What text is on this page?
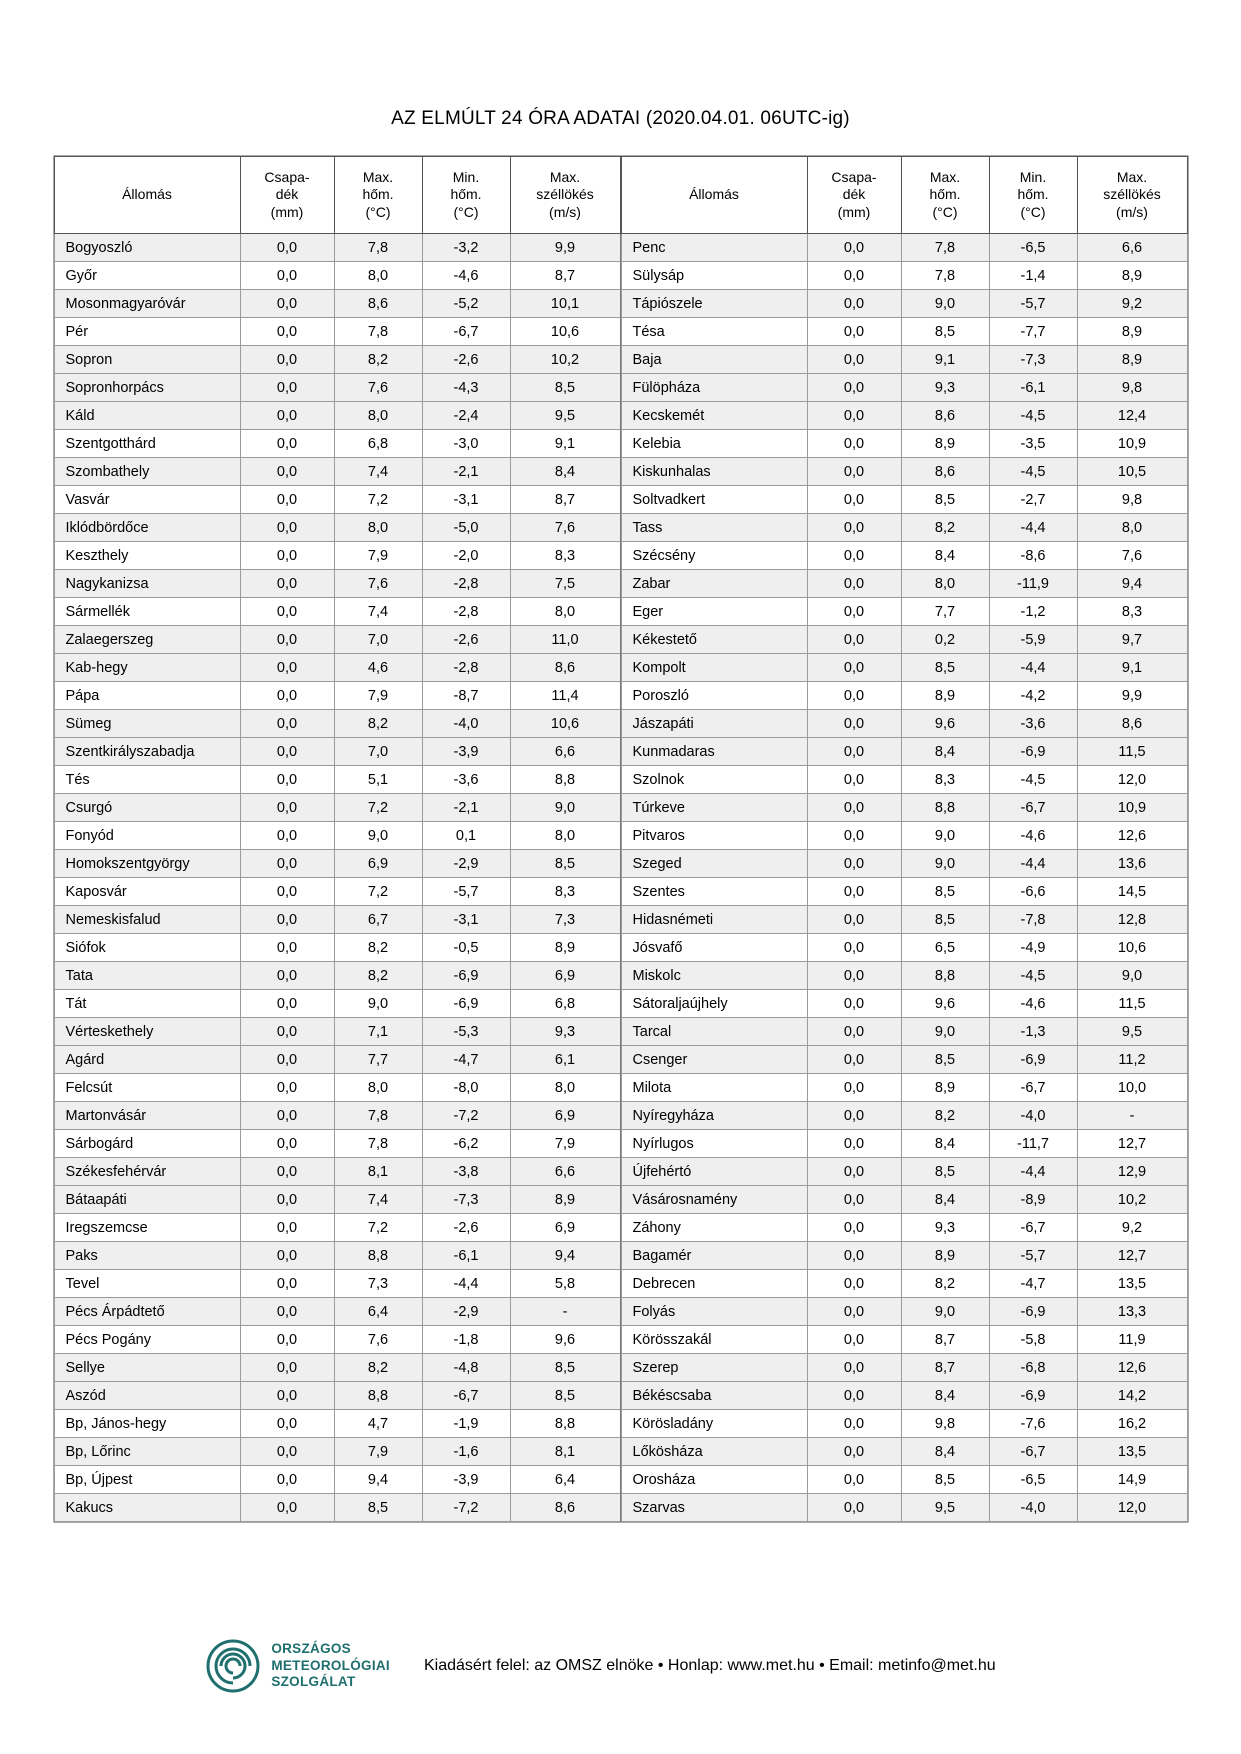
AZ ELMÚLT 24 ÓRA ADATAI (2020.04.01. 06UTC-ig)
Állomás	Csapa-
dék
(mm)	Max.
hőm.
(°C)	Min.
hőm.
(°C)	Max.
széllökés
(m/s)
Bogyoszló	0,0	7,8	-3,2	9,9
Győr	0,0	8,0	-4,6	8,7
Mosonmagyaróvár	0,0	8,6	-5,2	10,1
Pér	0,0	7,8	-6,7	10,6
Sopron	0,0	8,2	-2,6	10,2
Sopronhorpács	0,0	7,6	-4,3	8,5
Káld	0,0	8,0	-2,4	9,5
Szentgotthárd	0,0	6,8	-3,0	9,1
Szombathely	0,0	7,4	-2,1	8,4
Vasvár	0,0	7,2	-3,1	8,7
Iklódbördőce	0,0	8,0	-5,0	7,6
Keszthely	0,0	7,9	-2,0	8,3
Nagykanizsa	0,0	7,6	-2,8	7,5
Sármellék	0,0	7,4	-2,8	8,0
Zalaegerszeg	0,0	7,0	-2,6	11,0
Kab-hegy	0,0	4,6	-2,8	8,6
Pápa	0,0	7,9	-8,7	11,4
Sümeg	0,0	8,2	-4,0	10,6
Szentkirályszabadja	0,0	7,0	-3,9	6,6
Tés	0,0	5,1	-3,6	8,8
Csurgó	0,0	7,2	-2,1	9,0
Fonyód	0,0	9,0	0,1	8,0
Homokszentgyörgy	0,0	6,9	-2,9	8,5
Kaposvár	0,0	7,2	-5,7	8,3
Nemeskisfalud	0,0	6,7	-3,1	7,3
Siófok	0,0	8,2	-0,5	8,9
Tata	0,0	8,2	-6,9	6,9
Tát	0,0	9,0	-6,9	6,8
Vérteskethely	0,0	7,1	-5,3	9,3
Agárd	0,0	7,7	-4,7	6,1
Felcsút	0,0	8,0	-8,0	8,0
Martonvásár	0,0	7,8	-7,2	6,9
Sárbogárd	0,0	7,8	-6,2	7,9
Székesfehérvár	0,0	8,1	-3,8	6,6
Bátaapáti	0,0	7,4	-7,3	8,9
Iregszemcse	0,0	7,2	-2,6	6,9
Paks	0,0	8,8	-6,1	9,4
Tevel	0,0	7,3	-4,4	5,8
Pécs Árpádtető	0,0	6,4	-2,9	-
Pécs Pogány	0,0	7,6	-1,8	9,6
Sellye	0,0	8,2	-4,8	8,5
Aszód	0,0	8,8	-6,7	8,5
Bp, János-hegy	0,0	4,7	-1,9	8,8
Bp, Lőrinc	0,0	7,9	-1,6	8,1
Bp, Újpest	0,0	9,4	-3,9	6,4
Kakucs	0,0	8,5	-7,2	8,6
Állomás	Csapa-
dék
(mm)	Max.
hőm.
(°C)	Min.
hőm.
(°C)	Max.
széllökés
(m/s)
Penc	0,0	7,8	-6,5	6,6
Sülysáp	0,0	7,8	-1,4	8,9
Tápiószele	0,0	9,0	-5,7	9,2
Tésa	0,0	8,5	-7,7	8,9
Baja	0,0	9,1	-7,3	8,9
Fülöpháza	0,0	9,3	-6,1	9,8
Kecskemét	0,0	8,6	-4,5	12,4
Kelebia	0,0	8,9	-3,5	10,9
Kiskunhalas	0,0	8,6	-4,5	10,5
Soltvadkert	0,0	8,5	-2,7	9,8
Tass	0,0	8,2	-4,4	8,0
Szécsény	0,0	8,4	-8,6	7,6
Zabar	0,0	8,0	-11,9	9,4
Eger	0,0	7,7	-1,2	8,3
Kékestető	0,0	0,2	-5,9	9,7
Kompolt	0,0	8,5	-4,4	9,1
Poroszló	0,0	8,9	-4,2	9,9
Jászapáti	0,0	9,6	-3,6	8,6
Kunmadaras	0,0	8,4	-6,9	11,5
Szolnok	0,0	8,3	-4,5	12,0
Túrkeve	0,0	8,8	-6,7	10,9
Pitvaros	0,0	9,0	-4,6	12,6
Szeged	0,0	9,0	-4,4	13,6
Szentes	0,0	8,5	-6,6	14,5
Hidasnémeti	0,0	8,5	-7,8	12,8
Jósvafő	0,0	6,5	-4,9	10,6
Miskolc	0,0	8,8	-4,5	9,0
Sátoraljaújhely	0,0	9,6	-4,6	11,5
Tarcal	0,0	9,0	-1,3	9,5
Csenger	0,0	8,5	-6,9	11,2
Milota	0,0	8,9	-6,7	10,0
Nyíregyháza	0,0	8,2	-4,0	-
Nyírlugos	0,0	8,4	-11,7	12,7
Újfehértó	0,0	8,5	-4,4	12,9
Vásárosnamény	0,0	8,4	-8,9	10,2
Záhony	0,0	9,3	-6,7	9,2
Bagamér	0,0	8,9	-5,7	12,7
Debrecen	0,0	8,2	-4,7	13,5
Folyás	0,0	9,0	-6,9	13,3
Körösszakál	0,0	8,7	-5,8	11,9
Szerep	0,0	8,7	-6,8	12,6
Békéscsaba	0,0	8,4	-6,9	14,2
Körösladány	0,0	9,8	-7,6	16,2
Lőkösháza	0,0	8,4	-6,7	13,5
Orosháza	0,0	8,5	-6,5	14,9
Szarvas	0,0	9,5	-4,0	12,0
ORSZÁGOS
METEOROLÓGIAI
SZOLGÁLAT
Kiadásért felel: az OMSZ elnöke • Honlap: www.met.hu • Email: metinfo@met.hu
